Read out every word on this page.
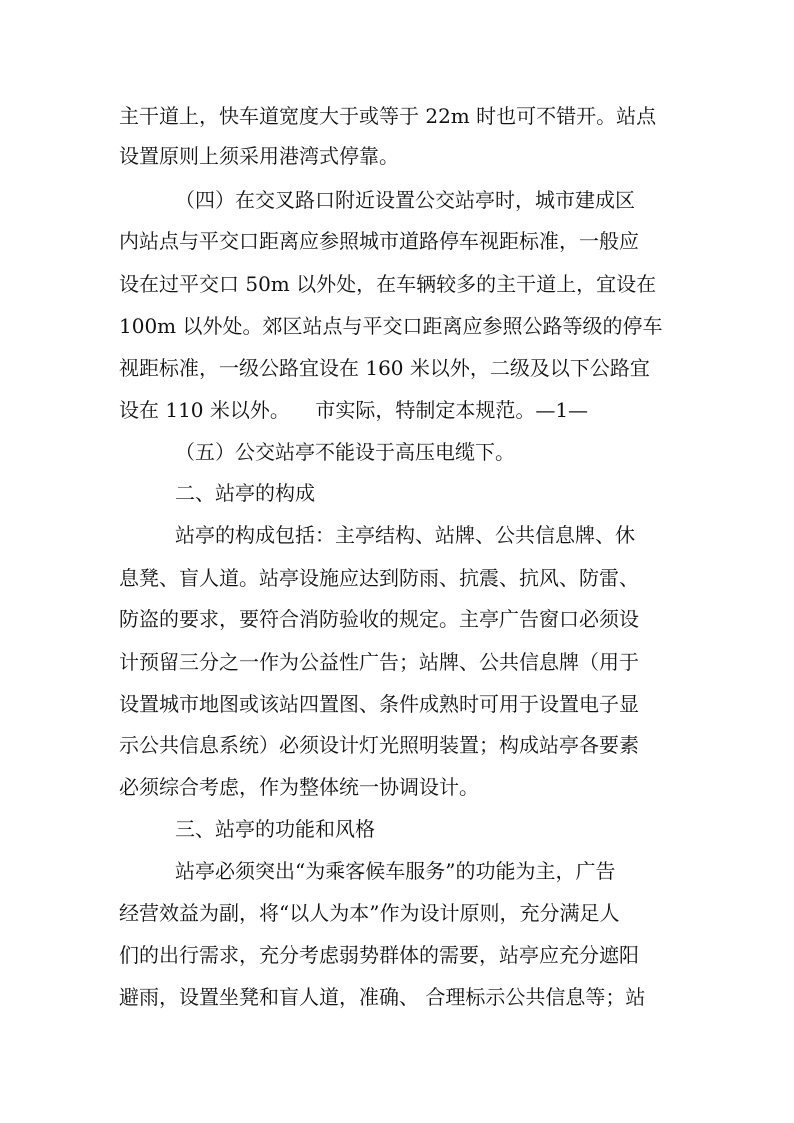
主干道上，快车道宽度大于或等于 22m 时也可不错开。站点
设置原则上须采用港湾式停靠。
（四）在交叉路口附近设置公交站亭时，城市建成区
内站点与平交口距离应参照城市道路停车视距标准，一般应
设在过平交口 50m 以外处，在车辆较多的主干道上，宜设在
100m 以外处。郊区站点与平交口距离应参照公路等级的停车
视距标准，一级公路宜设在 160 米以外，二级及以下公路宜
设在 110 米以外。    市实际，特制定本规范。—1—
（五）公交站亭不能设于高压电缆下。
二、站亭的构成
站亭的构成包括：主亭结构、站牌、公共信息牌、休
息凳、盲人道。站亭设施应达到防雨、抗震、抗风、防雷、
防盗的要求，要符合消防验收的规定。主亭广告窗口必须设
计预留三分之一作为公益性广告；站牌、公共信息牌（用于
设置城市地图或该站四置图、条件成熟时可用于设置电子显
示公共信息系统）必须设计灯光照明装置；构成站亭各要素
必须综合考虑，作为整体统一协调设计。
三、站亭的功能和风格
站亭必须突出“为乘客候车服务”的功能为主，广告
经营效益为副，将“以人为本”作为设计原则，充分满足人
们的出行需求，充分考虑弱势群体的需要，站亭应充分遮阳
避雨，设置坐凳和盲人道，准确、 合理标示公共信息等；站
